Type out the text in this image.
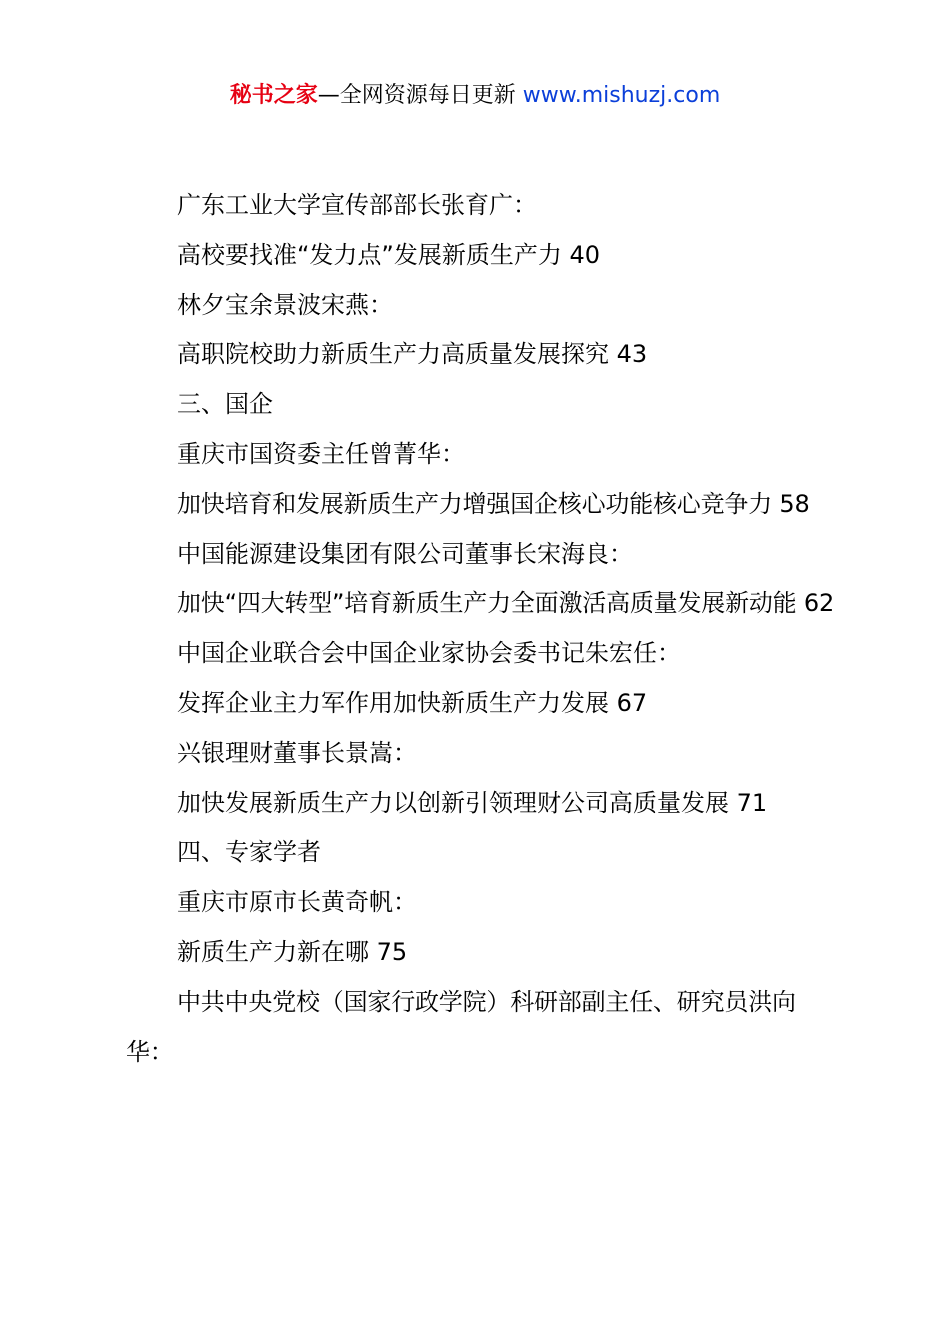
秘书之家—全网资源每日更新 www.mishuzj.com

广东工业大学宣传部部长张育广：

高校要找准“发力点”发展新质生产力 40

林夕宝余景波宋燕：

高职院校助力新质生产力高质量发展探究 43

三、国企

重庆市国资委主任曾菁华：

加快培育和发展新质生产力增强国企核心功能核心竞争力 58

中国能源建设集团有限公司董事长宋海良：

加快“四大转型”培育新质生产力全面激活高质量发展新动能 62

中国企业联合会中国企业家协会委书记朱宏任：

发挥企业主力军作用加快新质生产力发展 67

兴银理财董事长景嵩：

加快发展新质生产力以创新引领理财公司高质量发展 71

四、专家学者

重庆市原市长黄奇帆：

新质生产力新在哪 75

中共中央党校（国家行政学院）科研部副主任、研究员洪向华：
